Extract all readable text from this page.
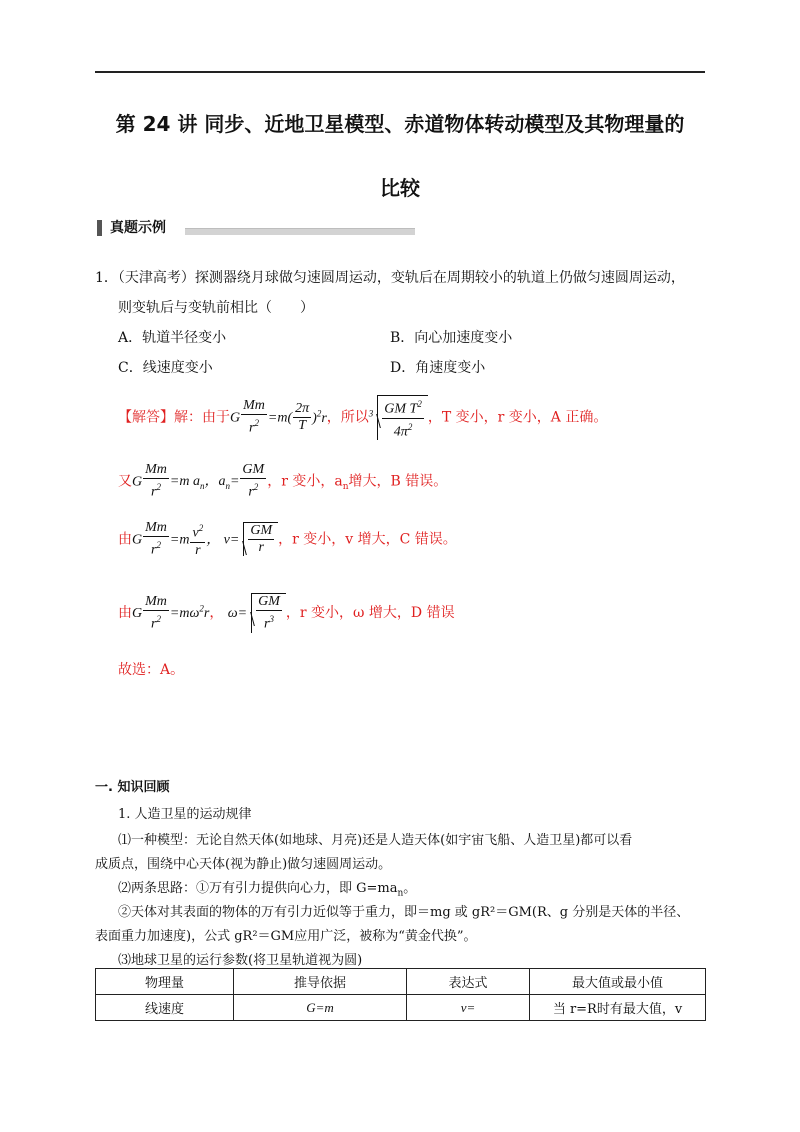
第 24 讲 同步、近地卫星模型、赤道物体转动模型及其物理量的
比较
真题示例
1．（天津高考）探测器绕月球做匀速圆周运动，变轨后在周期较小的轨道上仍做匀速圆周运动，
则变轨后与变轨前相比（　　）
A．轨道半径变小	B．向心加速度变小
C．线速度变小	D．角速度变小
【解答】解：由于G $\frac{Mm}{r^2} =m( \frac{2\pi}{T} )^2r$，所以$^3 \frac{GM T^2}{4\pi^2}$ ，T 变小，r 变小，A 正确。
又G $\frac{Mm}{r^2} =m$ $a_n$，$a_n= \frac{GM}{r^2}$ ，r 变小，$a_n$增大，B 错误。
由G $\frac{Mm}{r^2} =m \frac{v^2}{r}$ ， $v= \frac{GM}{r}$ ，r 变小，v 增大，C 错误。
由G $\frac{Mm}{r^2} =m\omega^2r$， $\omega= \frac{GM}{r^3}$ ，r 变小，ω 增大，D 错误
故选：A。
一. 知识回顾
1. 人造卫星的运动规律
⑴一种模型：无论自然天体(如地球、月亮)还是人造天体(如宇宙飞船、人造卫星)都可以看
成质点，围绕中心天体(视为静止)做匀速圆周运动。
⑵两条思路：①万有引力提供向心力，即 $G=ma_n$。
②天体对其表面的物体的万有引力近似等于重力，即＝mg 或 gR²＝GM(R、g 分别是天体的半径、
表面重力加速度)，公式 gR²＝GM应用广泛，被称为“黄金代换”。
⑶地球卫星的运行参数(将卫星轨道视为圆)
物理量	推导依据	表达式	最大值或最小值
线速度	G=m	v=	当 r=R时有最大值，v
